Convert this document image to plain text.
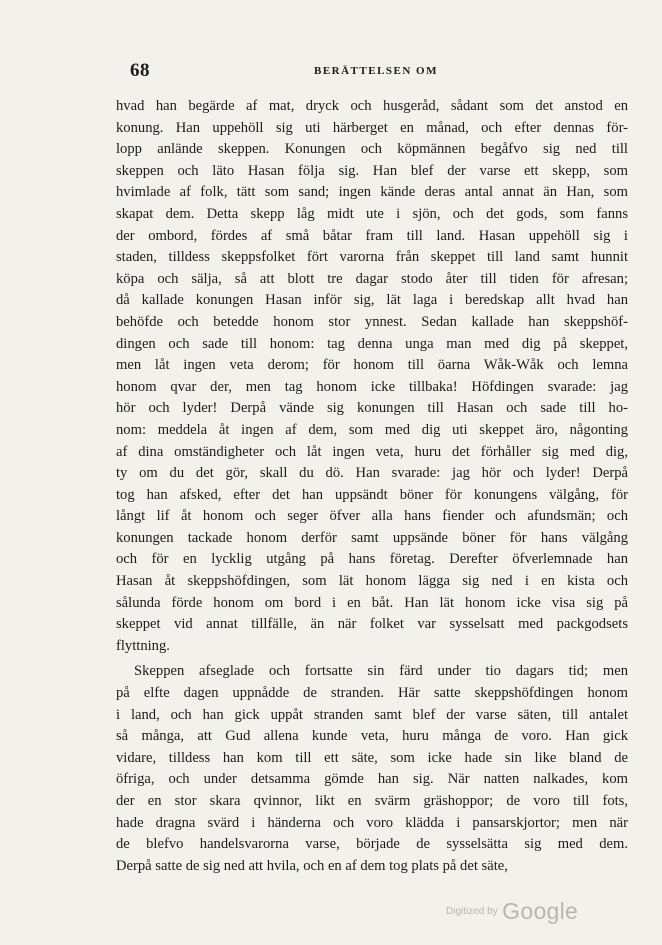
68	BERÄTTELSEN OM
hvad han begärde af mat, dryck och husgeråd, sådant som det anstod en
konung. Han uppehöll sig uti härberget en månad, och efter dennas för-
lopp anlände skeppen. Konungen och köpmännen begåfvo sig ned till
skeppen och läto Hasan följa sig. Han blef der varse ett skepp, som
hvimlade af folk, tätt som sand; ingen kände deras antal annat än Han, som
skapat dem. Detta skepp låg midt ute i sjön, och det gods, som fanns
der ombord, fördes af små båtar fram till land. Hasan uppehöll sig i
staden, tilldess skeppsfolket fört varorna från skeppet till land samt hunnit
köpa och sälja, så att blott tre dagar stodo åter till tiden för afresan;
då kallade konungen Hasan inför sig, lät laga i beredskap allt hvad han
behöfde och betedde honom stor ynnest. Sedan kallade han skeppshöf-
dingen och sade till honom: tag denna unga man med dig på skeppet,
men låt ingen veta derom; för honom till öarna Wåk-Wåk och lemna
honom qvar der, men tag honom icke tillbaka! Höfdingen svarade: jag
hör och lyder! Derpå vände sig konungen till Hasan och sade till ho-
nom: meddela åt ingen af dem, som med dig uti skeppet äro, någonting
af dina omständigheter och låt ingen veta, huru det förhåller sig med dig,
ty om du det gör, skall du dö. Han svarade: jag hör och lyder! Derpå
tog han afsked, efter det han uppsändt böner för konungens välgång, för
långt lif åt honom och seger öfver alla hans fiender och afundsmän; och
konungen tackade honom derför samt uppsände böner för hans välgång
och för en lycklig utgång på hans företag. Derefter öfverlemnade han
Hasan åt skeppshöfdingen, som lät honom lägga sig ned i en kista och
sålunda förde honom om bord i en båt. Han lät honom icke visa sig på
skeppet vid annat tillfälle, än när folket var sysselsatt med packgodsets
flyttning.
Skeppen afseglade och fortsatte sin färd under tio dagars tid; men
på elfte dagen uppnådde de stranden. Här satte skeppshöfdingen honom
i land, och han gick uppåt stranden samt blef der varse säten, till antalet
så många, att Gud allena kunde veta, huru många de voro. Han gick
vidare, tilldess han kom till ett säte, som icke hade sin like bland de
öfriga, och under detsamma gömde han sig. När natten nalkades, kom
der en stor skara qvinnor, likt en svärm gräshoppor; de voro till fots,
hade dragna svärd i händerna och voro klädda i pansarskjortor; men när
de blefvo handelsvarorna varse, började de sysselsätta sig med dem.
Derpå satte de sig ned att hvila, och en af dem tog plats på det säte,
Digitized by Google
